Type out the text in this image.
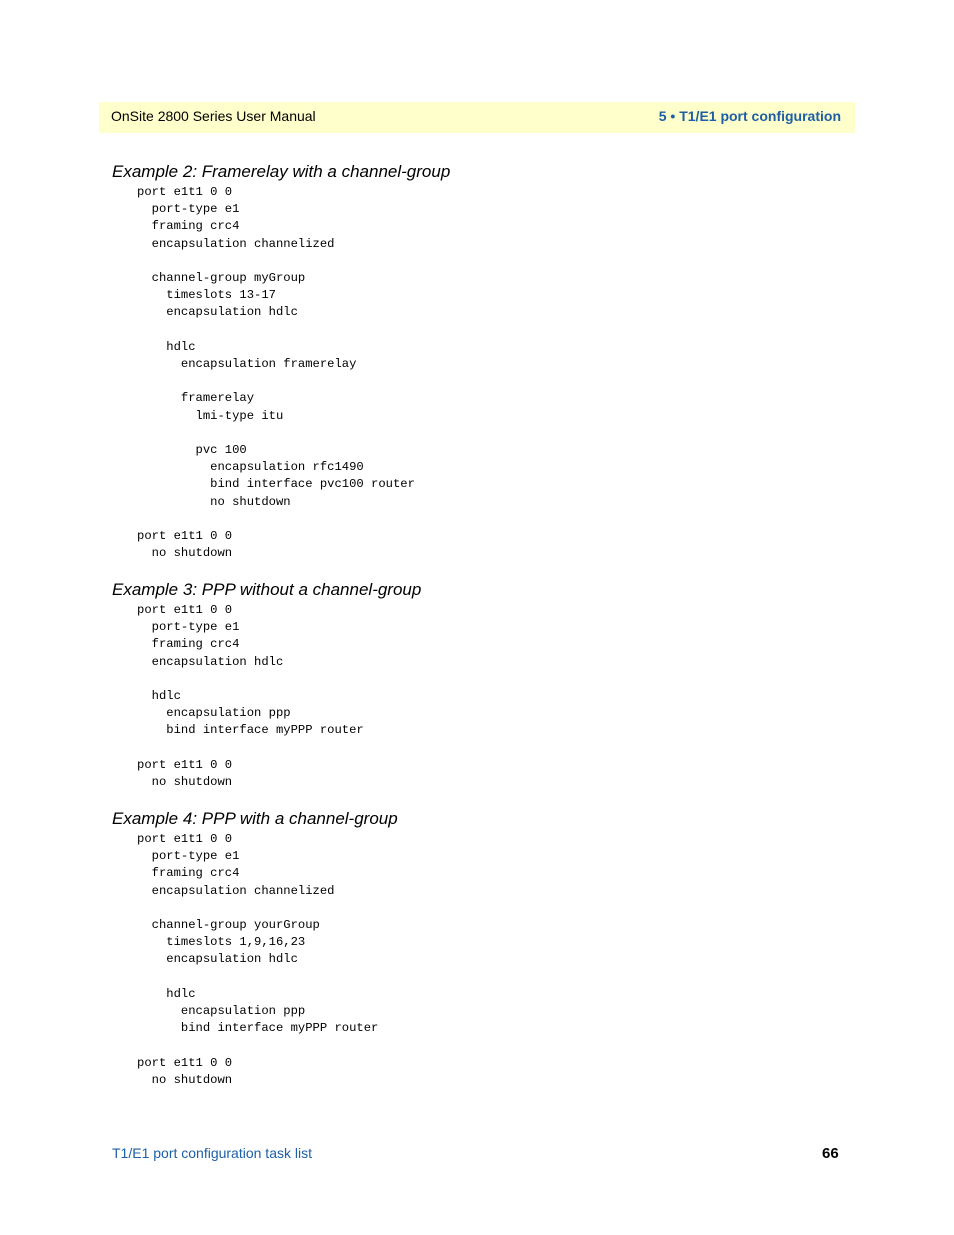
OnSite 2800 Series User Manual	5 • T1/E1 port configuration
Example 2: Framerelay with a channel-group
port e1t1 0 0
port-type e1
framing crc4
encapsulation channelized

channel-group myGroup
timeslots 13-17
encapsulation hdlc

hdlc
encapsulation framerelay

framerelay
lmi-type itu

pvc 100
encapsulation rfc1490
bind interface pvc100 router
no shutdown

port e1t1 0 0
no shutdown
Example 3: PPP without a channel-group
port e1t1 0 0
port-type e1
framing crc4
encapsulation hdlc

hdlc
encapsulation ppp
bind interface myPPP router

port e1t1 0 0
no shutdown
Example 4: PPP with a channel-group
port e1t1 0 0
port-type e1
framing crc4
encapsulation channelized

channel-group yourGroup
timeslots 1,9,16,23
encapsulation hdlc

hdlc
encapsulation ppp
bind interface myPPP router

port e1t1 0 0
no shutdown
T1/E1 port configuration task list	66
